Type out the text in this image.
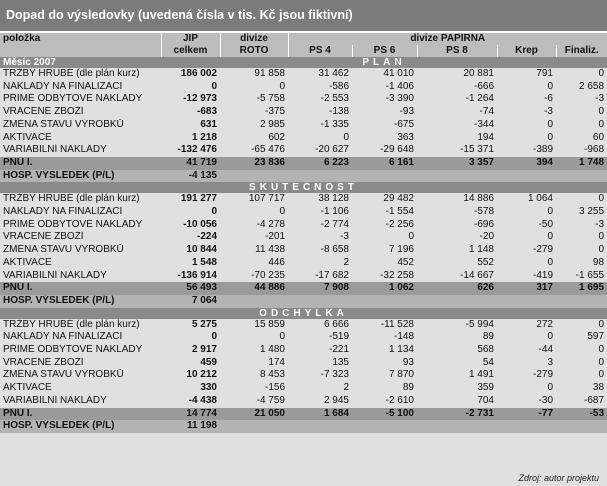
Dopad do výsledovky (uvedená čísla v tis. Kč jsou fiktivní)
položka	JIP	divize	divize PAPÍRNA				
	celkem	ROTO	PS 4	PS 6	PS 8	Krep	Finaliz.
Měsíc 2007	PLÁN						
TRŽBY HRUBÉ (dle plán kurz)	186 002	91 858	31 462	41 010	20 881	791	0
NÁKLADY NA FINALIZACI	0	0	-586	-1 406	-666	0	2 658
PŘÍMÉ ODBYTOVÉ NÁKLADY	-12 973	-5 758	-2 553	-3 390	-1 264	-6	-3
VRÁCENÉ ZBOŽÍ	-683	-375	-138	-93	-74	-3	0
ZMĚNA STAVU VÝROBKŮ	631	2 985	-1 335	-675	-344	0	0
AKTIVACE	1 218	602	0	363	194	0	60
VARIABILNÍ NÁKLADY	-132 476	-65 476	-20 627	-29 648	-15 371	-389	-968
PNÚ I.	41 719	23 836	6 223	6 161	3 357	394	1 748
HOSP. VÝSLEDEK (P/L)	-4 135						
SKUTEČNOST							
TRŽBY HRUBÉ (dle plán kurz)	191 277	107 717	38 128	29 482	14 886	1 064	0
NÁKLADY NA FINALIZACI	0	0	-1 106	-1 554	-578	0	3 255
PŘÍMÉ ODBYTOVÉ NÁKLADY	-10 056	-4 278	-2 774	-2 256	-696	-50	-3
VRÁCENÉ ZBOŽÍ	-224	-201	-3	0	-20	0	0
ZMĚNA STAVU VÝROBKŮ	10 844	11 438	-8 658	7 196	1 148	-279	0
AKTIVACE	1 548	446	2	452	552	0	98
VARIABILNÍ NÁKLADY	-136 914	-70 235	-17 682	-32 258	-14 667	-419	-1 655
PNÚ I.	56 493	44 886	7 908	1 062	626	317	1 695
HOSP. VÝSLEDEK (P/L)	7 064						
ODCHYLKA							
TRŽBY HRUBÉ (dle plán kurz)	5 275	15 859	6 666	-11 528	-5 994	272	0
NÁKLADY NA FINALIZACI	0	0	-519	-148	89	0	597
PŘÍMÉ ODBYTOVÉ NÁKLADY	2 917	1 480	-221	1 134	568	-44	0
VRÁCENÉ ZBOŽÍ	459	174	135	93	54	3	0
ZMĚNA STAVU VÝROBKŮ	10 212	8 453	-7 323	7 870	1 491	-279	0
AKTIVACE	330	-156	2	89	359	0	38
VARIABILNÍ NÁKLADY	-4 438	-4 759	2 945	-2 610	704	-30	-687
PNÚ I.	14 774	21 050	1 684	-5 100	-2 731	-77	-53
HOSP. VÝSLEDEK (P/L)	11 198						
Zdroj: autor projektu
